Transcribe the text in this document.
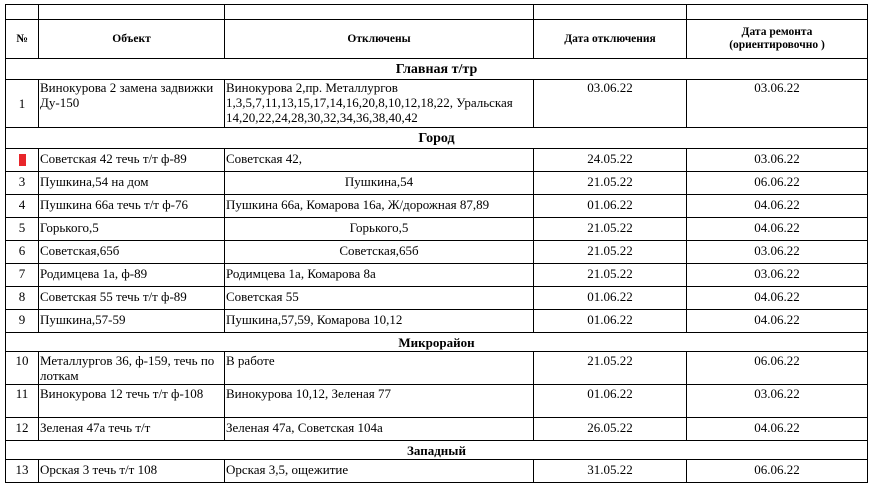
№	Объект	Отключены	Дата отключения	Дата ремонта
(ориентировочно )
Главная т/тр				
1	Винокурова 2 замена задвижки Ду-150	Винокурова 2,пр. Металлургов 1,3,5,7,11,13,15,17,14,16,20,8,10,12,18,22, Уральская 14,20,22,24,28,30,32,34,36,38,40,42	03.06.22	03.06.22
Город				
	Советская 42 течь т/т ф-89	Советская 42,	24.05.22	03.06.22
3	Пушкина,54 на дом	Пушкина,54	21.05.22	06.06.22
4	Пушкина 66а течь т/т ф-76	Пушкина 66а, Комарова 16а, Ж/дорожная 87,89	01.06.22	04.06.22
5	Горького,5	Горького,5	21.05.22	04.06.22
6	Советская,65б	Советская,65б	21.05.22	03.06.22
7	Родимцева 1а, ф-89	Родимцева 1а, Комарова 8а	21.05.22	03.06.22
8	Советская 55 течь т/т ф-89	Советская 55	01.06.22	04.06.22
9	Пушкина,57-59	Пушкина,57,59, Комарова 10,12	01.06.22	04.06.22
Микрорайон				
10	Металлургов 36, ф-159, течь по лоткам	В работе	21.05.22	06.06.22
11	Винокурова 12 течь т/т ф-108	Винокурова 10,12, Зеленая 77	01.06.22	03.06.22
12	Зеленая 47а течь т/т	Зеленая 47а, Советская 104а	26.05.22	04.06.22
Западный				
13	Орская 3 течь т/т 108	Орская 3,5, ощежитие	31.05.22	06.06.22
